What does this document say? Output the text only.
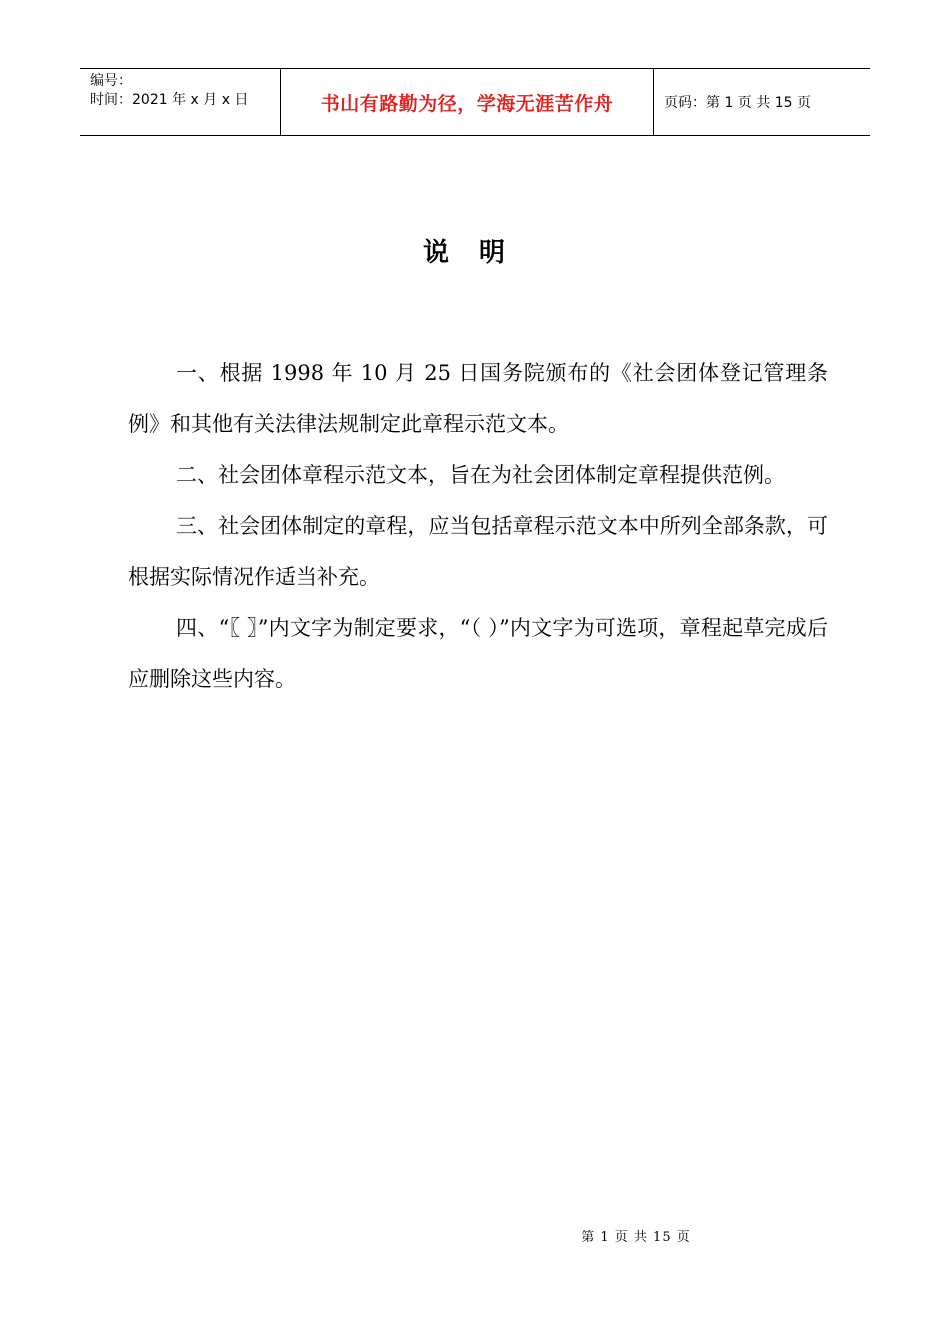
编号：
时间：2021 年 x 月 x 日	书山有路勤为径，学海无涯苦作舟	页码：第 1 页 共 15 页
说明

一、根据 1998 年 10 月 25 日国务院颁布的《社会团体登记管理条例》和其他有关法律法规制定此章程示范文本。

二、社会团体章程示范文本，旨在为社会团体制定章程提供范例。

三、社会团体制定的章程，应当包括章程示范文本中所列全部条款，可根据实际情况作适当补充。

四、“〖 〗”内文字为制定要求，“（ ）”内文字为可选项，章程起草完成后应删除这些内容。

第 1 页 共 15 页
